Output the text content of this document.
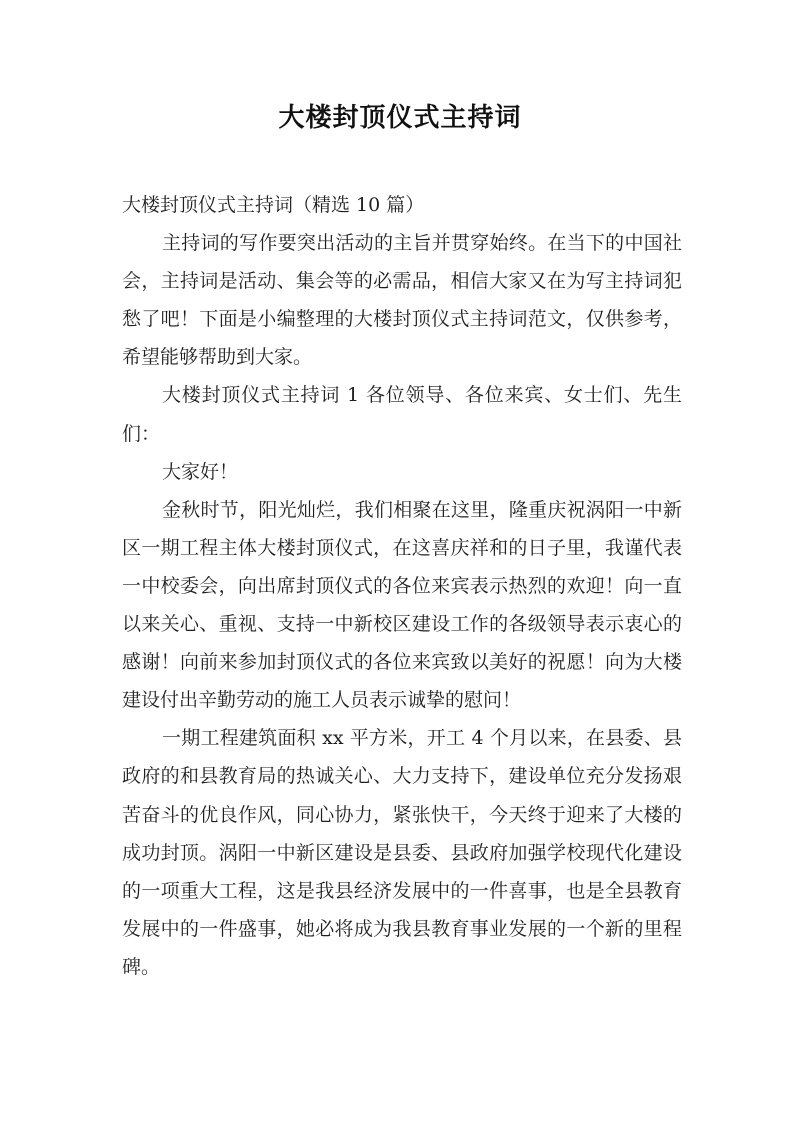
大楼封顶仪式主持词

大楼封顶仪式主持词（精选 10 篇）

主持词的写作要突出活动的主旨并贯穿始终。在当下的中国社会，主持词是活动、集会等的必需品，相信大家又在为写主持词犯愁了吧！下面是小编整理的大楼封顶仪式主持词范文，仅供参考，希望能够帮助到大家。

大楼封顶仪式主持词 1 各位领导、各位来宾、女士们、先生们：

大家好！

金秋时节，阳光灿烂，我们相聚在这里，隆重庆祝涡阳一中新区一期工程主体大楼封顶仪式，在这喜庆祥和的日子里，我谨代表一中校委会，向出席封顶仪式的各位来宾表示热烈的欢迎！向一直以来关心、重视、支持一中新校区建设工作的各级领导表示衷心的感谢！向前来参加封顶仪式的各位来宾致以美好的祝愿！向为大楼建设付出辛勤劳动的施工人员表示诚挚的慰问！

一期工程建筑面积 xx 平方米，开工 4 个月以来，在县委、县政府的和县教育局的热诚关心、大力支持下，建设单位充分发扬艰苦奋斗的优良作风，同心协力，紧张快干，今天终于迎来了大楼的成功封顶。涡阳一中新区建设是县委、县政府加强学校现代化建设的一项重大工程，这是我县经济发展中的一件喜事，也是全县教育发展中的一件盛事，她必将成为我县教育事业发展的一个新的里程碑。
